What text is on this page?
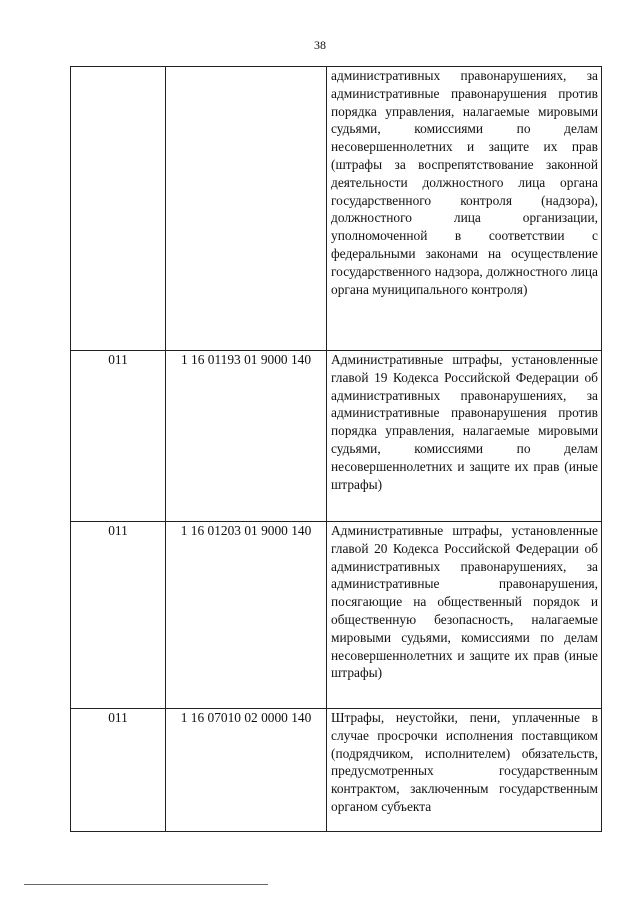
38
		административных правонарушениях, за административные правонарушения против порядка управления, налагаемые мировыми судьями, комиссиями по делам несовершеннолетних и защите их прав (штрафы за воспрепятствование законной деятельности должностного лица органа государственного контроля (надзора), должностного лица организации, уполномоченной в соответствии с федеральными законами на осуществление государственного надзора, должностного лица органа муниципального контроля)
011	1 16 01193 01 9000 140	Административные штрафы, установленные главой 19 Кодекса Российской Федерации об административных правонарушениях, за административные правонарушения против порядка управления, налагаемые мировыми судьями, комиссиями по делам несовершеннолетних и защите их прав (иные штрафы)
011	1 16 01203 01 9000 140	Административные штрафы, установленные главой 20 Кодекса Российской Федерации об административных правонарушениях, за административные правонарушения, посягающие на общественный порядок и общественную безопасность, налагаемые мировыми судьями, комиссиями по делам несовершеннолетних и защите их прав (иные штрафы)
011	1 16 07010 02 0000 140	Штрафы, неустойки, пени, уплаченные в случае просрочки исполнения поставщиком (подрядчиком, исполнителем) обязательств, предусмотренных государственным контрактом, заключенным государственным органом субъекта
